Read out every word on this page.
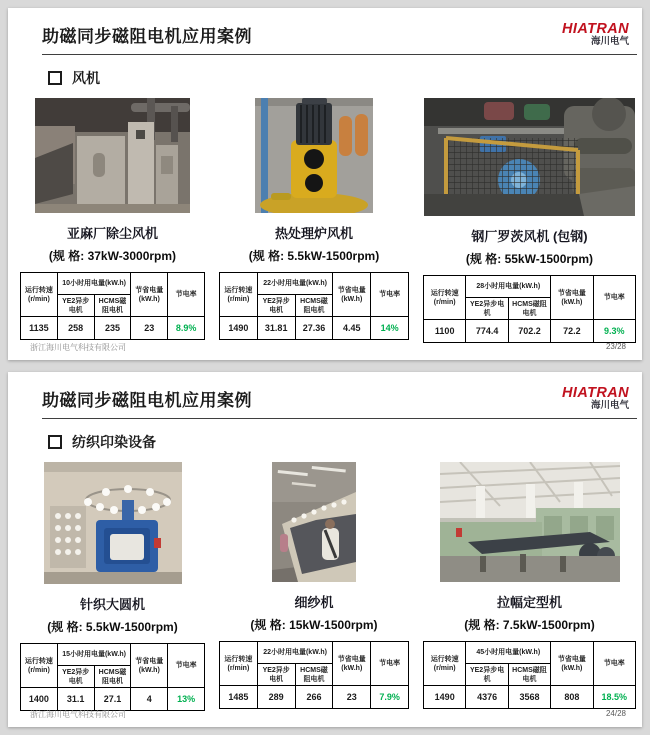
助磁同步磁阻电机应用案例	HIATRAN
海川电气
风机
亚麻厂除尘风机
(规 格: 37kW-3000rpm)
运行转速(r/min)	10小时用电量(kW.h)		节省电量(kW.h)	节电率
	YE2异步电机	HCMS磁阻电机		
1135	258	235	23	8.9%
热处理炉风机
(规 格: 5.5kW-1500rpm)
运行转速(r/min)	22小时用电量(kW.h)		节省电量(kW.h)	节电率
	YE2异步电机	HCMS磁阻电机		
1490	31.81	27.36	4.45	14%
钢厂罗茨风机 (包钢)
(规 格: 55kW-1500rpm)
运行转速(r/min)	28小时用电量(kW.h)		节省电量(kW.h)	节电率
	YE2异步电机	HCMS磁阻电机		
1100	774.4	702.2	72.2	9.3%
浙江海川电气科技有限公司	23/28
助磁同步磁阻电机应用案例	HIATRAN
海川电气
纺织印染设备
针织大圆机
(规 格: 5.5kW-1500rpm)
运行转速(r/min)	15小时用电量(kW.h)		节省电量(kW.h)	节电率
	YE2异步电机	HCMS磁阻电机		
1400	31.1	27.1	4	13%
细纱机
(规 格: 15kW-1500rpm)
运行转速(r/min)	22小时用电量(kW.h)		节省电量(kW.h)	节电率
	YE2异步电机	HCMS磁阻电机		
1485	289	266	23	7.9%
拉幅定型机
(规 格: 7.5kW-1500rpm)
运行转速(r/min)	45小时用电量(kW.h)		节省电量(kW.h)	节电率
	YE2异步电机	HCMS磁阻电机		
1490	4376	3568	808	18.5%
浙江海川电气科技有限公司	24/28
